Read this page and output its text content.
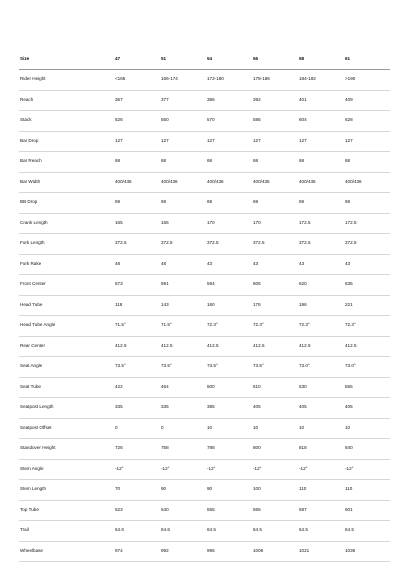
Size	47	51	54	56	58	61
Rider Height	<165	166-174	172-180	178-186	184-192	>190
Reach	367	377	386	392	401	409
Stack	526	550	570	585	604	628
Bar Drop	127	127	127	127	127	127
Bar Reach	68	68	68	68	68	68
Bar Width	400/436	400/436	400/436	400/436	400/436	400/436
BB Drop	69	69	69	69	69	69
Crank Length	165	165	170	170	172.5	172.5
Fork Length	372.5	372.5	372.5	372.5	372.5	372.5
Fork Rake	48	48	43	43	43	43
Front Center	573	591	594	606	620	635
Head Tube	118	143	160	176	196	221
Head Tube Angle	71.5°	71.5°	72.3°	72.3°	72.3°	72.3°
Rear Center	412.5	412.5	412.5	412.5	412.5	412.5
Seat Angle	73.5°	73.5°	73.5°	73.5°	73.0°	73.0°
Seat Tube	422	464	500	510	530	555
Seatpost Length	335	335	385	405	405	405
Seatpost Offset	0	0	10	10	10	10
Standover Height	726	758	788	800	818	840
Stem Angle	-12°	-12°	-12°	-12°	-12°	-12°
Stem Length	70	90	90	100	110	110
Top Tube	523	540	555	565	587	601
Trail	64.6	64.6	64.5	64.5	64.5	64.5
Wheelbase	974	992	995	1006	1021	1036
